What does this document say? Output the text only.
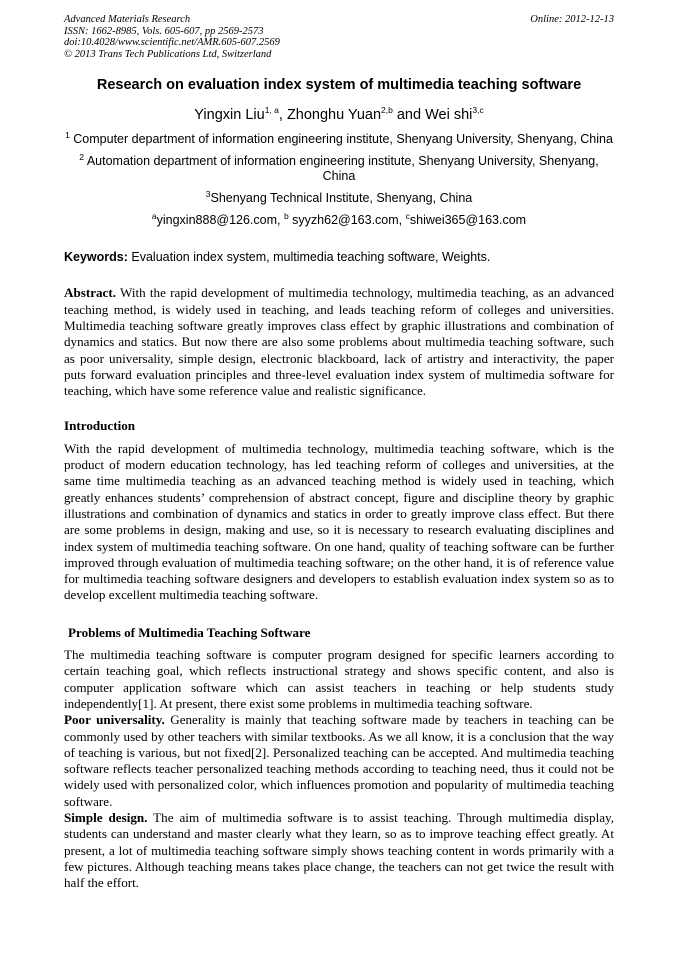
Advanced Materials Research	Online: 2012-12-13
ISSN: 1662-8985, Vols. 605-607, pp 2569-2573
doi:10.4028/www.scientific.net/AMR.605-607.2569
© 2013 Trans Tech Publications Ltd, Switzerland
Research on evaluation index system of multimedia teaching software
Yingxin Liu$^{1, a}$, Zhonghu Yuan$^{2,b}$ and Wei shi$^{3,c}$
$^1$ Computer department of information engineering institute, Shenyang University, Shenyang, China
$^2$ Automation department of information engineering institute, Shenyang University, Shenyang, China
$^3$Shenyang Technical Institute, Shenyang, China
$^a$yingxin888@126.com, $^b$ syyzh62@163.com, $^c$shiwei365@163.com
Keywords: Evaluation index system, multimedia teaching software, Weights.

Abstract. With the rapid development of multimedia technology, multimedia teaching, as an advanced teaching method, is widely used in teaching, and leads teaching reform of colleges and universities. Multimedia teaching software greatly improves class effect by graphic illustrations and combination of dynamics and statics. But now there are also some problems about multimedia teaching software, such as poor universality, simple design, electronic blackboard, lack of artistry and interactivity, the paper puts forward evaluation principles and three-level evaluation index system of multimedia software for teaching, which have some reference value and realistic significance.

Introduction

With the rapid development of multimedia technology, multimedia teaching software, which is the product of modern education technology, has led teaching reform of colleges and universities, at the same time multimedia teaching as an advanced teaching method is widely used in teaching, which greatly enhances students’ comprehension of abstract concept, figure and discipline theory by graphic illustrations and combination of dynamics and statics in order to greatly improve class effect. But there are some problems in design, making and use, so it is necessary to research evaluating disciplines and index system of multimedia teaching software. On one hand, quality of teaching software can be further improved through evaluation of multimedia teaching software; on the other hand, it is of reference value for multimedia teaching software designers and developers to establish evaluation index system so as to develop excellent multimedia teaching software.

Problems of Multimedia Teaching Software

The multimedia teaching software is computer program designed for specific learners according to certain teaching goal, which reflects instructional strategy and shows specific content, and also is computer application software which can assist teachers in teaching or help students study independently[1]. At present, there exist some problems in multimedia teaching software.

Poor universality. Generality is mainly that teaching software made by teachers in teaching can be commonly used by other teachers with similar textbooks. As we all know, it is a conclusion that the way of teaching is various, but not fixed[2]. Personalized teaching can be accepted. And multimedia teaching software reflects teacher personalized teaching methods according to teaching need, thus it could not be widely used with personalized color, which influences promotion and popularity of multimedia teaching software.

Simple design. The aim of multimedia software is to assist teaching. Through multimedia display, students can understand and master clearly what they learn, so as to improve teaching effect greatly. At present, a lot of multimedia teaching software simply shows teaching content in words primarily with a few pictures. Although teaching means takes place change, the teachers can not get twice the result with half the effort.
